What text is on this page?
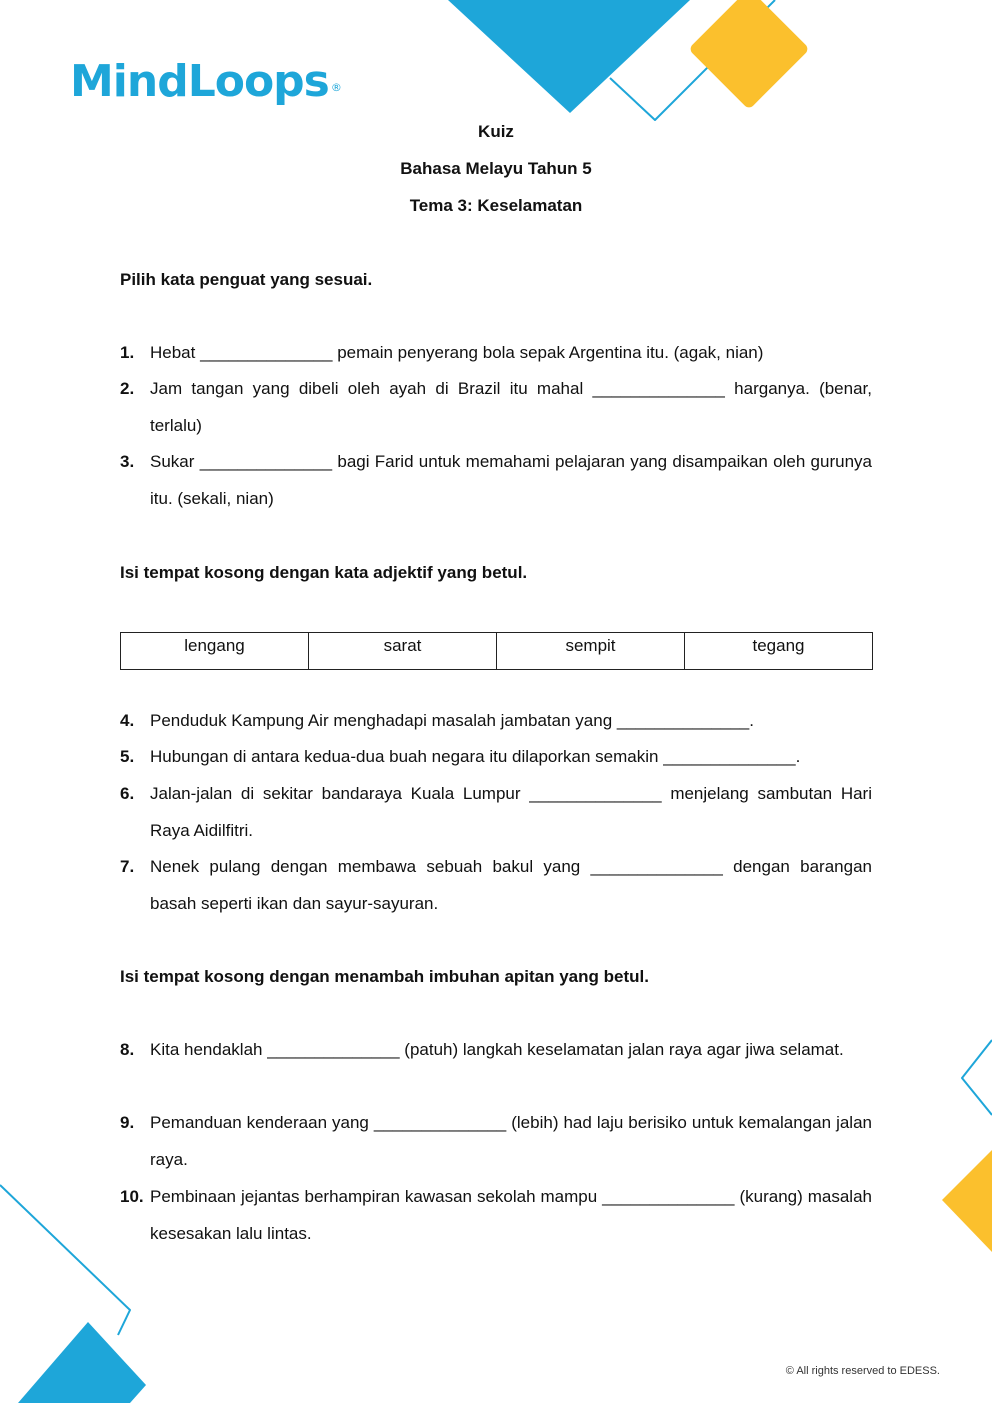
MindLoops ®
Kuiz
Bahasa Melayu Tahun 5
Tema 3: Keselamatan
Pilih kata penguat yang sesuai.
1. Hebat ______________ pemain penyerang bola sepak Argentina itu. (agak, nian)
2. Jam tangan yang dibeli oleh ayah di Brazil itu mahal ______________ harganya. (benar, terlalu)
3. Sukar ______________ bagi Farid untuk memahami pelajaran yang disampaikan oleh gurunya itu. (sekali, nian)
Isi tempat kosong dengan kata adjektif yang betul.
lengang	sarat	sempit	tegang
4. Penduduk Kampung Air menghadapi masalah jambatan yang ______________.
5. Hubungan di antara kedua-dua buah negara itu dilaporkan semakin ______________.
6. Jalan-jalan di sekitar bandaraya Kuala Lumpur ______________ menjelang sambutan Hari Raya Aidilfitri.
7. Nenek pulang dengan membawa sebuah bakul yang ______________ dengan barangan basah seperti ikan dan sayur-sayuran.
Isi tempat kosong dengan menambah imbuhan apitan yang betul.
8. Kita hendaklah ______________ (patuh) langkah keselamatan jalan raya agar jiwa selamat.
9. Pemanduan kenderaan yang ______________ (lebih) had laju berisiko untuk kemalangan jalan raya.
10. Pembinaan jejantas berhampiran kawasan sekolah mampu ______________ (kurang) masalah kesesakan lalu lintas.
© All rights reserved to EDESS.
